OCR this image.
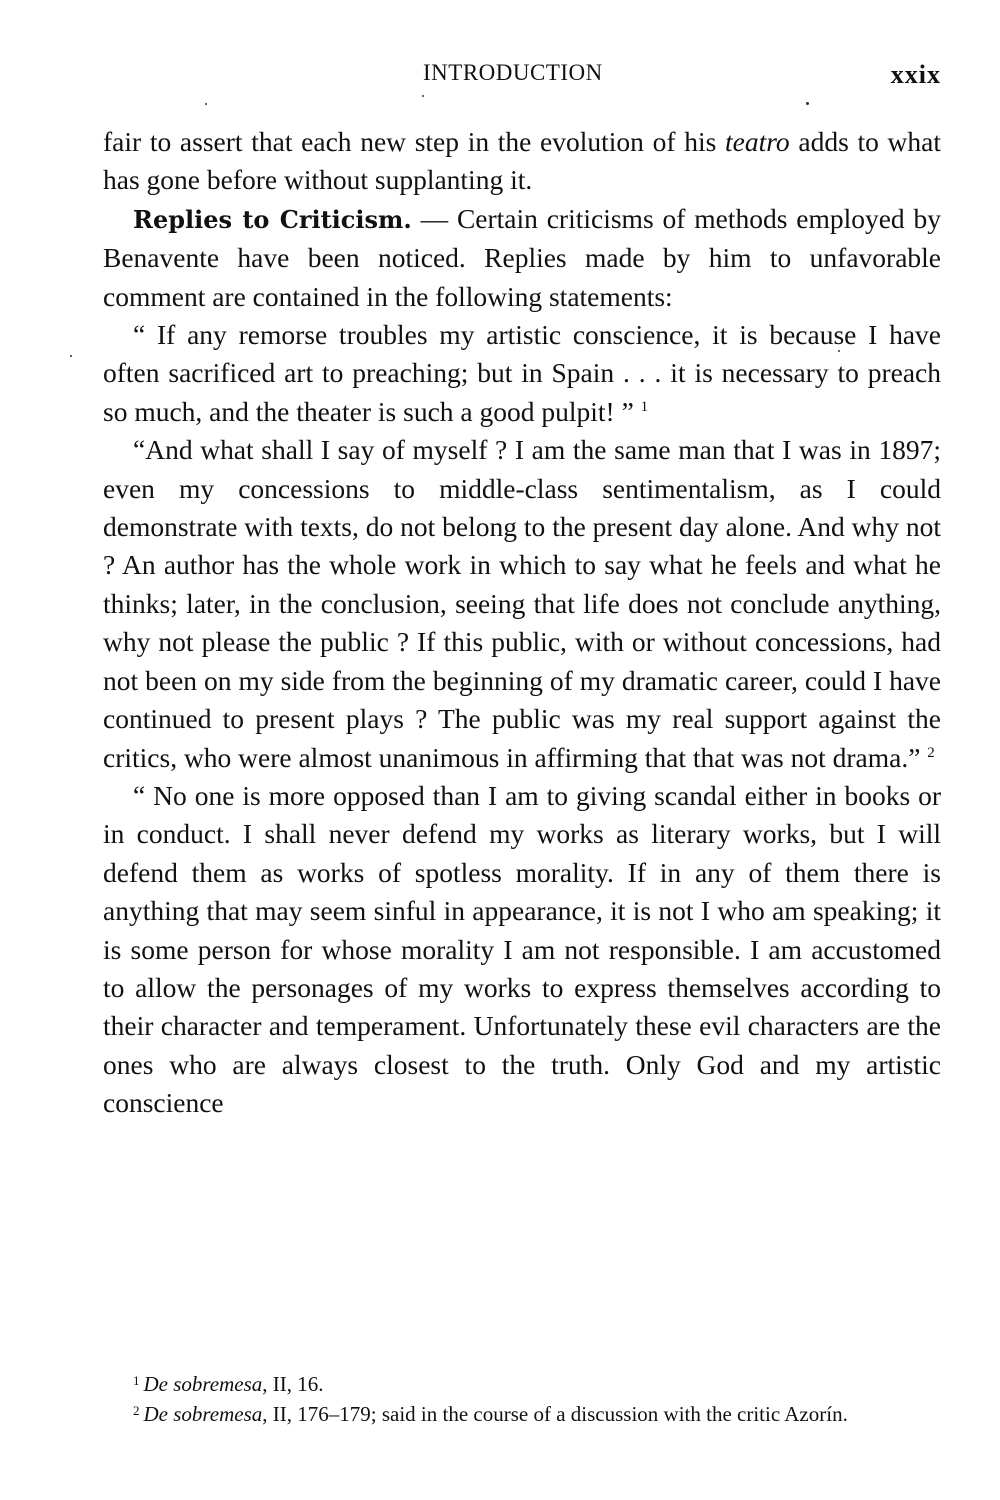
INTRODUCTION	xxix

fair to assert that each new step in the evolution of his teatro adds to what has gone before without supplanting it.

Replies to Criticism. — Certain criticisms of methods employed by Benavente have been noticed. Replies made by him to unfavorable comment are contained in the following statements:

“ If any remorse troubles my artistic conscience, it is because I have often sacrificed art to preaching; but in Spain . . . it is necessary to preach so much, and the theater is such a good pulpit! ” $^1$

“And what shall I say of myself ? I am the same man that I was in 1897; even my concessions to middle-class sentimentalism, as I could demonstrate with texts, do not belong to the present day alone. And why not ? An author has the whole work in which to say what he feels and what he thinks; later, in the conclusion, seeing that life does not conclude anything, why not please the public ? If this public, with or without concessions, had not been on my side from the beginning of my dramatic career, could I have continued to present plays ? The public was my real support against the critics, who were almost unanimous in affirming that that was not drama.” $^2$

“ No one is more opposed than I am to giving scandal either in books or in conduct. I shall never defend my works as literary works, but I will defend them as works of spotless morality. If in any of them there is anything that may seem sinful in appearance, it is not I who am speaking; it is some person for whose morality I am not responsible. I am accustomed to allow the personages of my works to express themselves according to their character and temperament. Unfortunately these evil characters are the ones who are always closest to the truth. Only God and my artistic conscience

$^1$ De sobremesa, II, 16.

$^2$ De sobremesa, II, 176–179; said in the course of a discussion with the critic Azorín.
